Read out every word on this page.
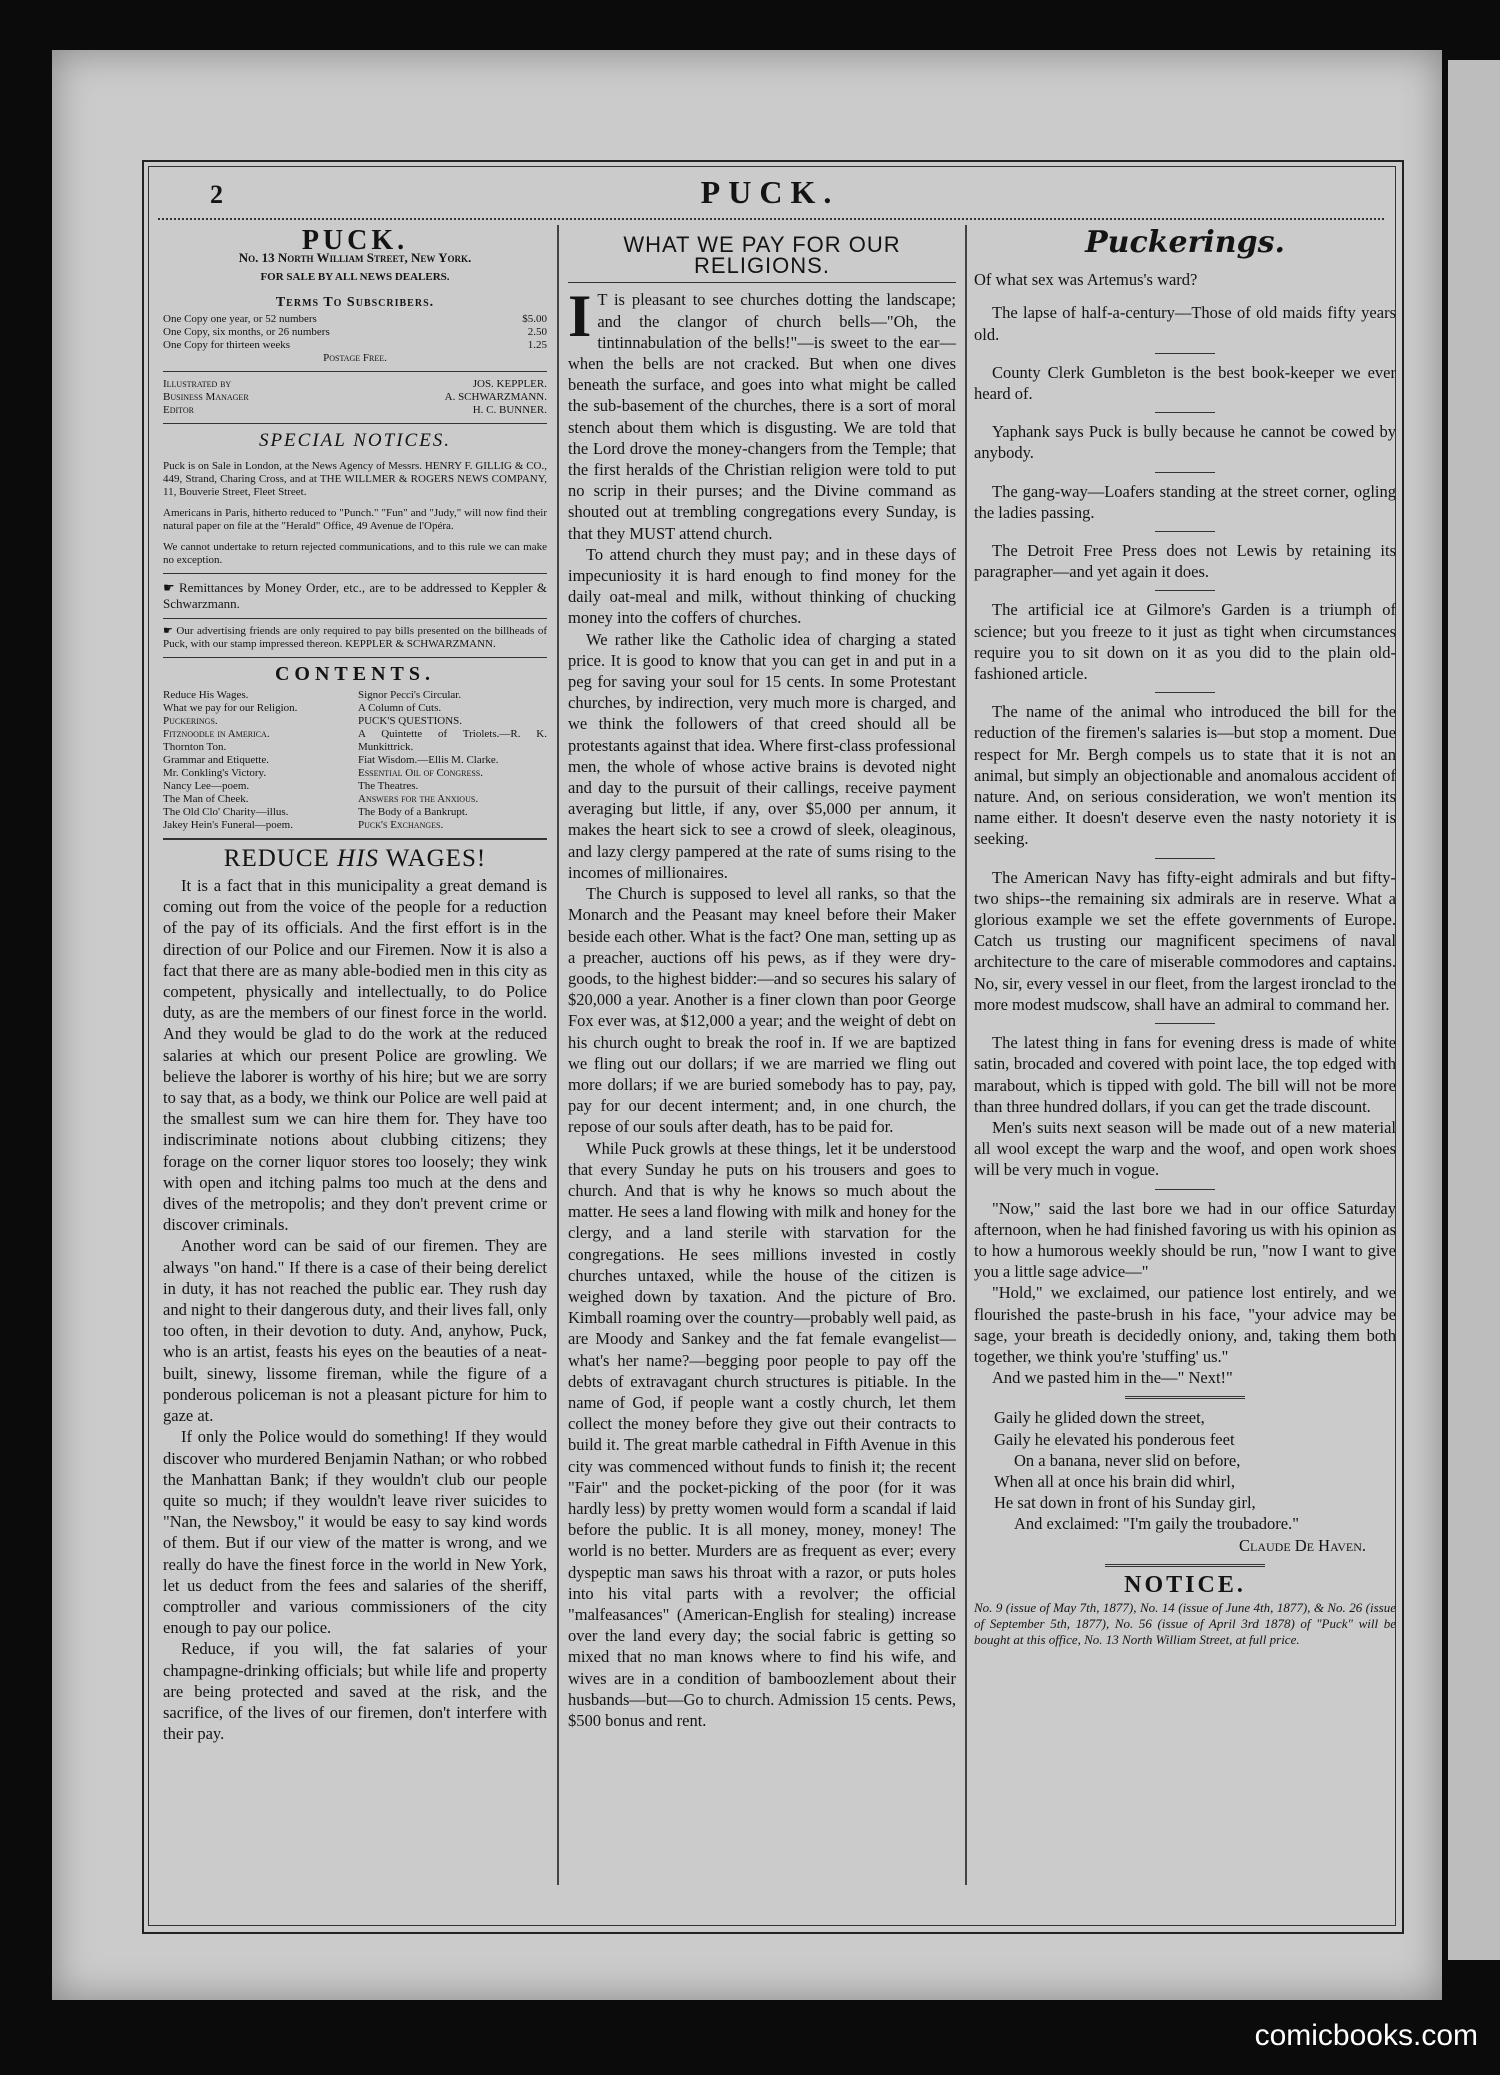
2	PUCK.
PUCK.
No. 13 North William Street, New York.
FOR SALE BY ALL NEWS DEALERS.
Terms To Subscribers.
One Copy one year, or 52 numbers	$5.00
One Copy, six months, or 26 numbers	2.50
One Copy for thirteen weeks	1.25
Postage Free.
Illustrated by	JOS. KEPPLER.
Business Manager	A. SCHWARZMANN.
Editor	H. C. BUNNER.
SPECIAL NOTICES.
Puck is on Sale in London, at the News Agency of Messrs. HENRY F. GILLIG & CO., 449, Strand, Charing Cross, and at THE WILLMER & ROGERS NEWS COMPANY, 11, Bouverie Street, Fleet Street.
Americans in Paris, hitherto reduced to "Punch." "Fun" and "Judy," will now find their natural paper on file at the "Herald" Office, 49 Avenue de l'Opéra.
We cannot undertake to return rejected communications, and to this rule we can make no exception.
☛ Remittances by Money Order, etc., are to be addressed to Keppler & Schwarzmann.
☛ Our advertising friends are only required to pay bills presented on the billheads of Puck, with our stamp impressed thereon. KEPPLER & SCHWARZMANN.
CONTENTS.
Reduce His Wages.
What we pay for our Religion.
Puckerings.
Fitznoodle in America.
Thornton Ton.
Grammar and Etiquette.
Mr. Conkling's Victory.
Nancy Lee—poem.
The Man of Cheek.
The Old Clo' Charity—illus.
Jakey Hein's Funeral—poem.
Signor Pecci's Circular.
A Column of Cuts.
PUCK'S QUESTIONS.
A Quintette of Triolets.—R. K. Munkittrick.
Fiat Wisdom.—Ellis M. Clarke.
Essential Oil of Congress.
The Theatres.
Answers for the Anxious.
The Body of a Bankrupt.
Puck's Exchanges.
REDUCE HIS WAGES!

It is a fact that in this municipality a great demand is coming out from the voice of the people for a reduction of the pay of its officials. And the first effort is in the direction of our Police and our Firemen. Now it is also a fact that there are as many able-bodied men in this city as competent, physically and intellectually, to do Police duty, as are the members of our finest force in the world. And they would be glad to do the work at the reduced salaries at which our present Police are growling. We believe the laborer is worthy of his hire; but we are sorry to say that, as a body, we think our Police are well paid at the smallest sum we can hire them for. They have too indiscriminate notions about clubbing citizens; they forage on the corner liquor stores too loosely; they wink with open and itching palms too much at the dens and dives of the metropolis; and they don't prevent crime or discover criminals.

Another word can be said of our firemen. They are always "on hand." If there is a case of their being derelict in duty, it has not reached the public ear. They rush day and night to their dangerous duty, and their lives fall, only too often, in their devotion to duty. And, anyhow, Puck, who is an artist, feasts his eyes on the beauties of a neat-built, sinewy, lissome fireman, while the figure of a ponderous policeman is not a pleasant picture for him to gaze at.

If only the Police would do something! If they would discover who murdered Benjamin Nathan; or who robbed the Manhattan Bank; if they wouldn't club our people quite so much; if they wouldn't leave river suicides to "Nan, the Newsboy," it would be easy to say kind words of them. But if our view of the matter is wrong, and we really do have the finest force in the world in New York, let us deduct from the fees and salaries of the sheriff, comptroller and various commissioners of the city enough to pay our police.

Reduce, if you will, the fat salaries of your champagne-drinking officials; but while life and property are being protected and saved at the risk, and the sacrifice, of the lives of our firemen, don't interfere with their pay.

WHAT WE PAY FOR OUR RELIGIONS.

I T is pleasant to see churches dotting the landscape; and the clangor of church bells—"Oh, the tintinnabulation of the bells!"—is sweet to the ear—when the bells are not cracked. But when one dives beneath the surface, and goes into what might be called the sub-basement of the churches, there is a sort of moral stench about them which is disgusting. We are told that the Lord drove the money-changers from the Temple; that the first heralds of the Christian religion were told to put no scrip in their purses; and the Divine command as shouted out at trembling congregations every Sunday, is that they MUST attend church.

To attend church they must pay; and in these days of impecuniosity it is hard enough to find money for the daily oat-meal and milk, without thinking of chucking money into the coffers of churches.

We rather like the Catholic idea of charging a stated price. It is good to know that you can get in and put in a peg for saving your soul for 15 cents. In some Protestant churches, by indirection, very much more is charged, and we think the followers of that creed should all be protestants against that idea. Where first-class professional men, the whole of whose active brains is devoted night and day to the pursuit of their callings, receive payment averaging but little, if any, over $5,000 per annum, it makes the heart sick to see a crowd of sleek, oleaginous, and lazy clergy pampered at the rate of sums rising to the incomes of millionaires.

The Church is supposed to level all ranks, so that the Monarch and the Peasant may kneel before their Maker beside each other. What is the fact? One man, setting up as a preacher, auctions off his pews, as if they were dry-goods, to the highest bidder:—and so secures his salary of $20,000 a year. Another is a finer clown than poor George Fox ever was, at $12,000 a year; and the weight of debt on his church ought to break the roof in. If we are baptized we fling out our dollars; if we are married we fling out more dollars; if we are buried somebody has to pay, pay, pay for our decent interment; and, in one church, the repose of our souls after death, has to be paid for.

While Puck growls at these things, let it be understood that every Sunday he puts on his trousers and goes to church. And that is why he knows so much about the matter. He sees a land flowing with milk and honey for the clergy, and a land sterile with starvation for the congregations. He sees millions invested in costly churches untaxed, while the house of the citizen is weighed down by taxation. And the picture of Bro. Kimball roaming over the country—probably well paid, as are Moody and Sankey and the fat female evangelist—what's her name?—begging poor people to pay off the debts of extravagant church structures is pitiable. In the name of God, if people want a costly church, let them collect the money before they give out their contracts to build it. The great marble cathedral in Fifth Avenue in this city was commenced without funds to finish it; the recent "Fair" and the pocket-picking of the poor (for it was hardly less) by pretty women would form a scandal if laid before the public. It is all money, money, money! The world is no better. Murders are as frequent as ever; every dyspeptic man saws his throat with a razor, or puts holes into his vital parts with a revolver; the official "malfeasances" (American-English for stealing) increase over the land every day; the social fabric is getting so mixed that no man knows where to find his wife, and wives are in a condition of bamboozlement about their husbands—but—Go to church. Admission 15 cents. Pews, $500 bonus and rent.

Puckerings.

Of what sex was Artemus's ward?

The lapse of half-a-century—Those of old maids fifty years old.

County Clerk Gumbleton is the best book-keeper we ever heard of.

Yaphank says Puck is bully because he cannot be cowed by anybody.

The gang-way—Loafers standing at the street corner, ogling the ladies passing.

The Detroit Free Press does not Lewis by retaining its paragrapher—and yet again it does.

The artificial ice at Gilmore's Garden is a triumph of science; but you freeze to it just as tight when circumstances require you to sit down on it as you did to the plain old-fashioned article.

The name of the animal who introduced the bill for the reduction of the firemen's salaries is—but stop a moment. Due respect for Mr. Bergh compels us to state that it is not an animal, but simply an objectionable and anomalous accident of nature. And, on serious consideration, we won't mention its name either. It doesn't deserve even the nasty notoriety it is seeking.

The American Navy has fifty-eight admirals and but fifty-two ships--the remaining six admirals are in reserve. What a glorious example we set the effete governments of Europe. Catch us trusting our magnificent specimens of naval architecture to the care of miserable commodores and captains. No, sir, every vessel in our fleet, from the largest ironclad to the more modest mudscow, shall have an admiral to command her.

The latest thing in fans for evening dress is made of white satin, brocaded and covered with point lace, the top edged with marabout, which is tipped with gold. The bill will not be more than three hundred dollars, if you can get the trade discount.

Men's suits next season will be made out of a new material all wool except the warp and the woof, and open work shoes will be very much in vogue.

"Now," said the last bore we had in our office Saturday afternoon, when he had finished favoring us with his opinion as to how a humorous weekly should be run, "now I want to give you a little sage advice—"

"Hold," we exclaimed, our patience lost entirely, and we flourished the paste-brush in his face, "your advice may be sage, your breath is decidedly oniony, and, taking them both together, we think you're 'stuffing' us."

And we pasted him in the—" Next!"

Gaily he glided down the street,
Gaily he elevated his ponderous feet
On a banana, never slid on before,
When all at once his brain did whirl,
He sat down in front of his Sunday girl,
And exclaimed: "I'm gaily the troubadore."
Claude De Haven.
NOTICE.
No. 9 (issue of May 7th, 1877), No. 14 (issue of June 4th, 1877), & No. 26 (issue of September 5th, 1877), No. 56 (issue of April 3rd 1878) of "Puck" will be bought at this office, No. 13 North William Street, at full price.
comicbooks.com
